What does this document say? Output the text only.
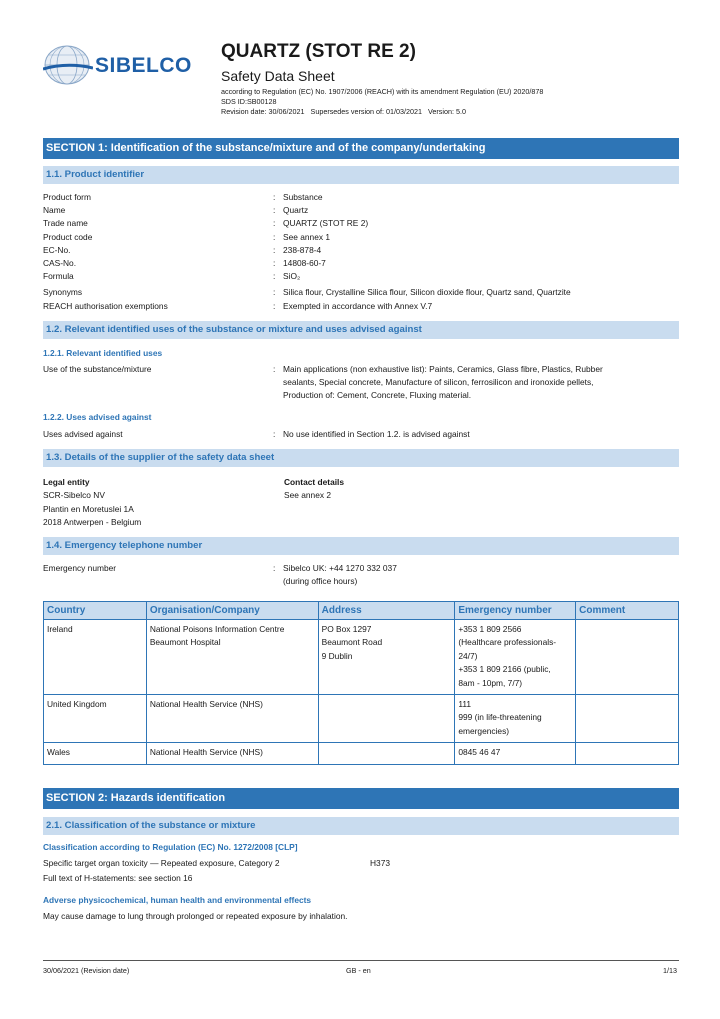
SIBELCO
QUARTZ (STOT RE 2)
Safety Data Sheet
according to Regulation (EC) No. 1907/2006 (REACH) with its amendment Regulation (EU) 2020/878
SDS ID:SB00128
Revision date: 30/06/2021 Supersedes version of: 01/03/2021 Version: 5.0
SECTION 1: Identification of the substance/mixture and of the company/undertaking
1.1. Product identifier
Product form	: Substance
Name	: Quartz
Trade name	: QUARTZ (STOT RE 2)
Product code	: See annex 1
EC-No.	: 238-878-4
CAS-No.	: 14808-60-7
Formula	: SiO₂
Synonyms	: Silica flour, Crystalline Silica flour, Silicon dioxide flour, Quartz sand, Quartzite
REACH authorisation exemptions	: Exempted in accordance with Annex V.7
1.2. Relevant identified uses of the substance or mixture and uses advised against
1.2.1. Relevant identified uses
Use of the substance/mixture	: Main applications (non exhaustive list): Paints, Ceramics, Glass fibre, Plastics, Rubber
sealants, Special concrete, Manufacture of silicon, ferrosilicon and ironoxide pellets,
Production of: Cement, Concrete, Fluxing material.
1.2.2. Uses advised against
Uses advised against	: No use identified in Section 1.2. is advised against
1.3. Details of the supplier of the safety data sheet
Legal entity
SCR-Sibelco NV
Plantin en Moretuslei 1A
2018 Antwerpen - Belgium
Contact details
See annex 2
1.4. Emergency telephone number
Emergency number	: Sibelco UK: +44 1270 332 037
(during office hours)
Country	Organisation/Company	Address	Emergency number	Comment
Ireland	National Poisons Information Centre
Beaumont Hospital	PO Box 1297
Beaumont Road
9 Dublin	+353 1 809 2566
(Healthcare professionals-
24/7)
+353 1 809 2166 (public,
8am - 10pm, 7/7)	

United Kingdom	National Health Service (NHS)		111
999 (in life-threatening
emergencies)	

Wales	National Health Service (NHS)		0845 46 47	

SECTION 2: Hazards identification
2.1. Classification of the substance or mixture
Classification according to Regulation (EC) No. 1272/2008 [CLP]
Specific target organ toxicity — Repeated exposure, Category 2	H373
Full text of H-statements: see section 16
Adverse physicochemical, human health and environmental effects
May cause damage to lung through prolonged or repeated exposure by inhalation.
30/06/2021 (Revision date)	GB - en	1/13
